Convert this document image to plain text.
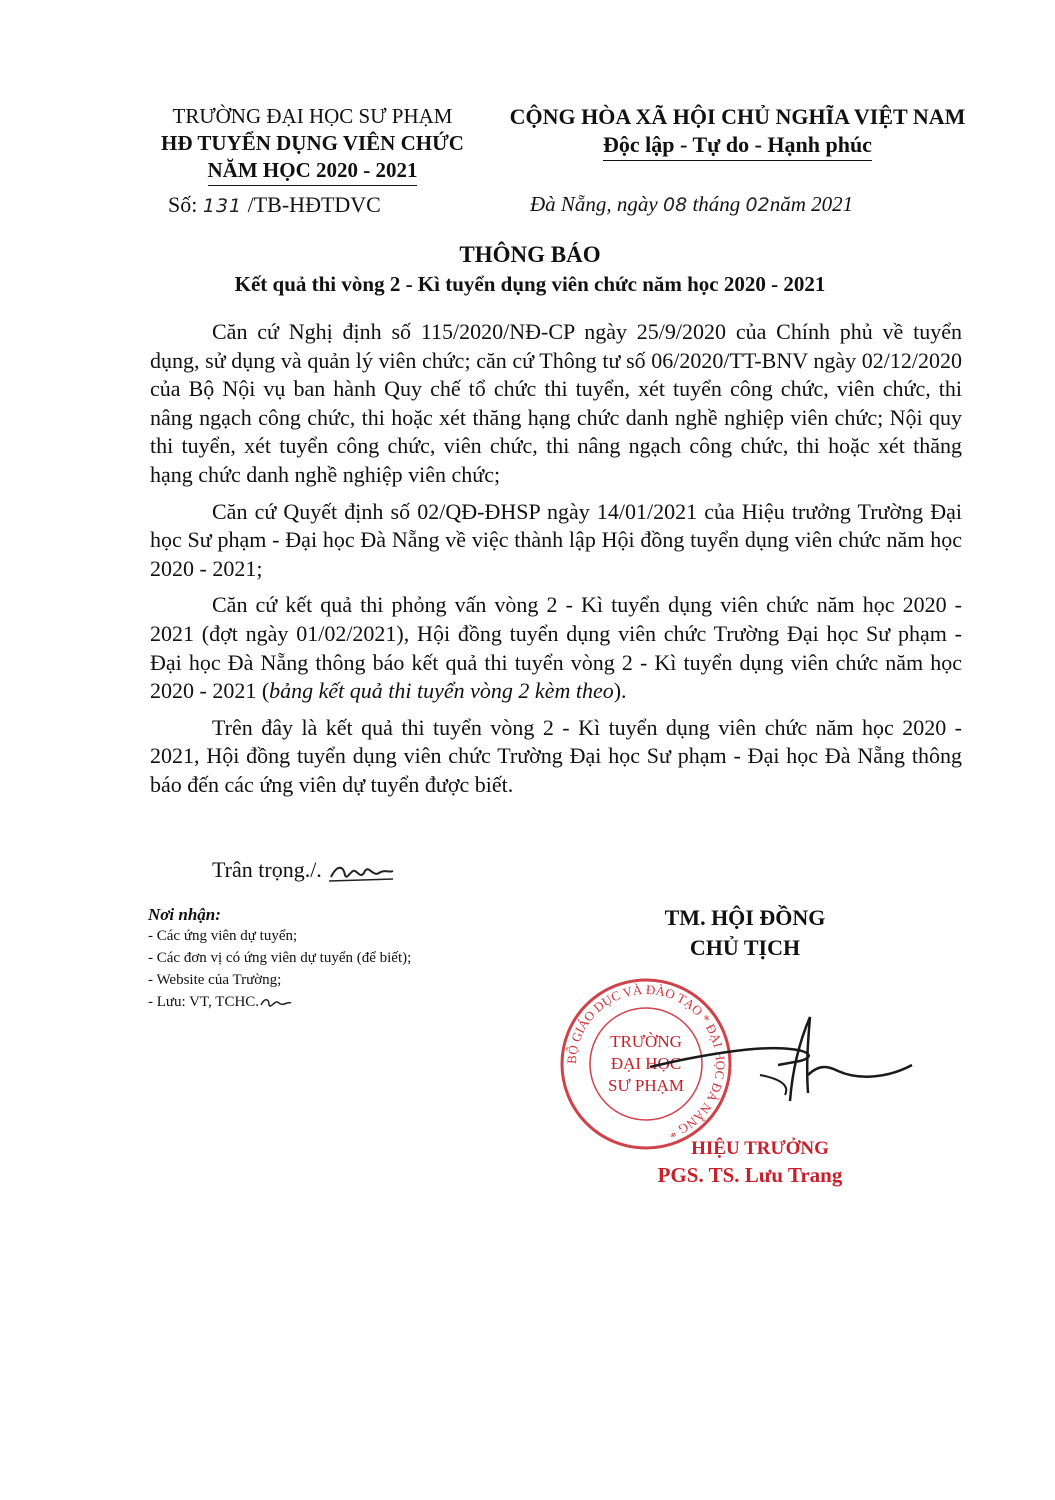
TRƯỜNG ĐẠI HỌC SƯ PHẠM
HĐ TUYỂN DỤNG VIÊN CHỨC
NĂM HỌC 2020 - 2021
CỘNG HÒA XÃ HỘI CHỦ NGHĨA VIỆT NAM
Độc lập - Tự do - Hạnh phúc
Số: 131 /TB-HĐTDVC	Đà Nẵng, ngày 08 tháng 02năm 2021
THÔNG BÁO
Kết quả thi vòng 2 - Kì tuyển dụng viên chức năm học 2020 - 2021

Căn cứ Nghị định số 115/2020/NĐ-CP ngày 25/9/2020 của Chính phủ về tuyển dụng, sử dụng và quản lý viên chức; căn cứ Thông tư số 06/2020/TT-BNV ngày 02/12/2020 của Bộ Nội vụ ban hành Quy chế tổ chức thi tuyển, xét tuyển công chức, viên chức, thi nâng ngạch công chức, thi hoặc xét thăng hạng chức danh nghề nghiệp viên chức; Nội quy thi tuyển, xét tuyển công chức, viên chức, thi nâng ngạch công chức, thi hoặc xét thăng hạng chức danh nghề nghiệp viên chức;

Căn cứ Quyết định số 02/QĐ-ĐHSP ngày 14/01/2021 của Hiệu trưởng Trường Đại học Sư phạm - Đại học Đà Nẵng về việc thành lập Hội đồng tuyển dụng viên chức năm học 2020 - 2021;

Căn cứ kết quả thi phỏng vấn vòng 2 - Kì tuyển dụng viên chức năm học 2020 - 2021 (đợt ngày 01/02/2021), Hội đồng tuyển dụng viên chức Trường Đại học Sư phạm - Đại học Đà Nẵng thông báo kết quả thi tuyển vòng 2 - Kì tuyển dụng viên chức năm học 2020 - 2021 (bảng kết quả thi tuyển vòng 2 kèm theo).

Trên đây là kết quả thi tuyển vòng 2 - Kì tuyển dụng viên chức năm học 2020 - 2021, Hội đồng tuyển dụng viên chức Trường Đại học Sư phạm - Đại học Đà Nẵng thông báo đến các ứng viên dự tuyển được biết.

Trân trọng./.
Nơi nhận:
- Các ứng viên dự tuyển;
- Các đơn vị có ứng viên dự tuyển (để biết);
- Website của Trường;
- Lưu: VT, TCHC.
TM. HỘI ĐỒNG
CHỦ TỊCH
BỘ GIÁO DỤC VÀ ĐÀO TẠO * ĐẠI HỌC ĐÀ NẴNG *
TRƯỜNG
ĐẠI HỌC
SƯ PHẠM
HIỆU TRƯỞNG
PGS. TS. Lưu Trang
